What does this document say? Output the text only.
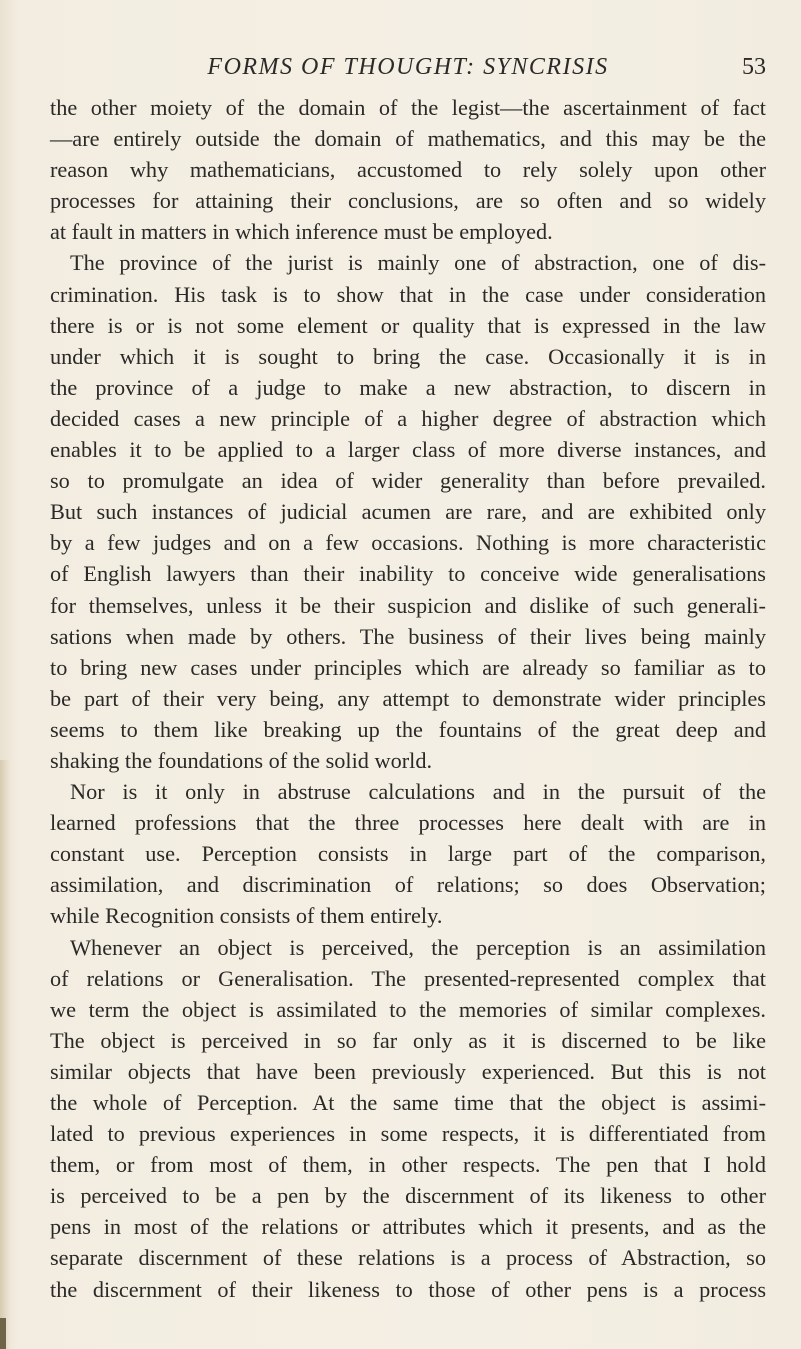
FORMS OF THOUGHT: SYNCRISIS	53
the other moiety of the domain of the legist—the ascertainment of fact
—are entirely outside the domain of mathematics, and this may be the
reason why mathematicians, accustomed to rely solely upon other
processes for attaining their conclusions, are so often and so widely
at fault in matters in which inference must be employed.
The province of the jurist is mainly one of abstraction, one of dis-
crimination. His task is to show that in the case under consideration
there is or is not some element or quality that is expressed in the law
under which it is sought to bring the case. Occasionally it is in
the province of a judge to make a new abstraction, to discern in
decided cases a new principle of a higher degree of abstraction which
enables it to be applied to a larger class of more diverse instances, and
so to promulgate an idea of wider generality than before prevailed.
But such instances of judicial acumen are rare, and are exhibited only
by a few judges and on a few occasions. Nothing is more characteristic
of English lawyers than their inability to conceive wide generalisations
for themselves, unless it be their suspicion and dislike of such generali-
sations when made by others. The business of their lives being mainly
to bring new cases under principles which are already so familiar as to
be part of their very being, any attempt to demonstrate wider principles
seems to them like breaking up the fountains of the great deep and
shaking the foundations of the solid world.
Nor is it only in abstruse calculations and in the pursuit of the
learned professions that the three processes here dealt with are in
constant use. Perception consists in large part of the comparison,
assimilation, and discrimination of relations; so does Observation;
while Recognition consists of them entirely.
Whenever an object is perceived, the perception is an assimilation
of relations or Generalisation. The presented-represented complex that
we term the object is assimilated to the memories of similar complexes.
The object is perceived in so far only as it is discerned to be like
similar objects that have been previously experienced. But this is not
the whole of Perception. At the same time that the object is assimi-
lated to previous experiences in some respects, it is differentiated from
them, or from most of them, in other respects. The pen that I hold
is perceived to be a pen by the discernment of its likeness to other
pens in most of the relations or attributes which it presents, and as the
separate discernment of these relations is a process of Abstraction, so
the discernment of their likeness to those of other pens is a process
